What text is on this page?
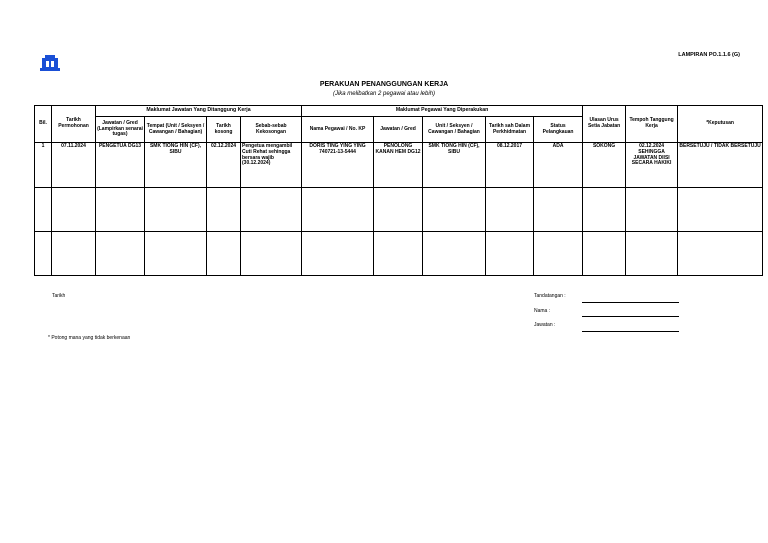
LAMPIRAN PO.1.1.6 (G)
PERAKUAN PENANGGUNGAN KERJA
(Jika melibatkan 2 pegawai atau lebih)
Bil.	Tarikh Permohonan	Maklumat Jawatan Yang Ditanggung Kerja				Maklumat Pegawai Yang Diperakukan					Ulasan Urus Setia Jabatan	Tempoh Tanggung Kerja	*Keputusan
		Jawatan / Gred (Lampirkan senarai tugas)	Tempat (Unit / Seksyen / Cawangan / Bahagian)	Tarikh kosong	Sebab-sebab Kekosongan	Nama Pegawai / No. KP	Jawatan / Gred	Unit / Seksyen / Cawangan / Bahagian	Tarikh sah Dalam Perkhidmatan	Status Pelangkauan			
1	07.11.2024	PENGETUA DG13	SMK TIONG HIN (CF), SIBU	02.12.2024	Pengetua mengambil Cuti Rehat sehingga bersara wajib (30.12.2024)	DORIS TING YING YING 740721-13-5444	PENOLONG KANAN HEM DG12	SMK TIONG HIN (CF), SIBU	08.12.2017	ADA	SOKONG	02.12.2024 SEHINGGA JAWATAN DIISI SECARA HAKIKI	BERSETUJU / TIDAK BERSETUJU

Tarikh	Tandatangan :
Nama :
Jawatan :
* Potong mana yang tidak berkenaan
